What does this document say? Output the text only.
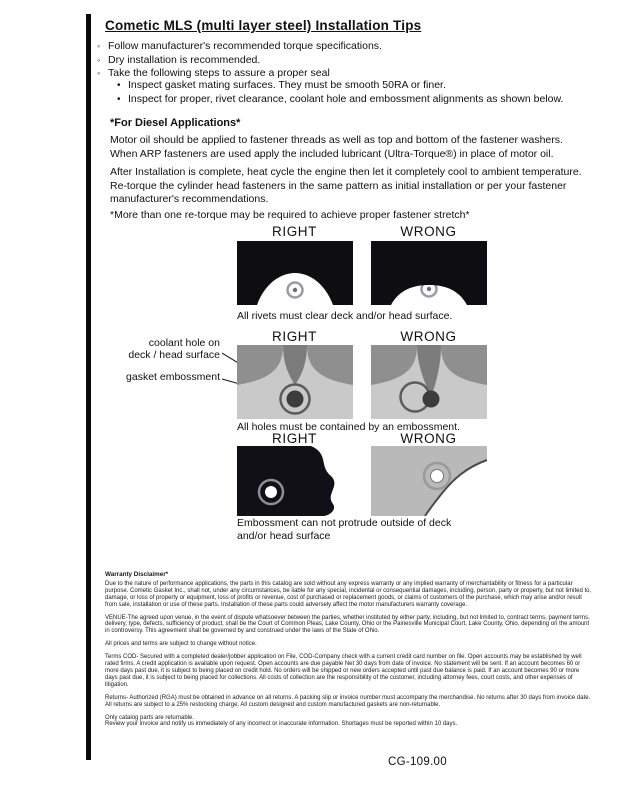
Cometic MLS (multi layer steel) Installation Tips
◦ Follow manufacturer's recommended torque specifications.
◦ Dry installation is recommended.
◦ Take the following steps to assure a proper seal
• Inspect gasket mating surfaces. They must be smooth 50RA or finer.
• Inspect for proper, rivet clearance, coolant hole and embossment alignments as shown below.
*For Diesel Applications*
Motor oil should be applied to fastener threads as well as top and bottom of the fastener washers. When ARP fasteners are used apply the included lubricant (Ultra-Torque®) in place of motor oil.
After Installation is complete, heat cycle the engine then let it completely cool to ambient temperature. Re-torque the cylinder head fasteners in the same pattern as initial installation or per your fastener manufacturer's recommendations.
*More than one re-torque may be required to achieve proper fastener stretch*
RIGHT	WRONG
All rivets must clear deck and/or head surface.
RIGHT	WRONG
coolant hole on
deck / head surface
gasket embossment
All holes must be contained by an embossment.
RIGHT	WRONG
Embossment can not protrude outside of deck
and/or head surface
Warranty Disclaimer*

Due to the nature of performance applications, the parts in this catalog are sold without any express warranty or any implied warranty of merchantability or fitness for a particular purpose. Cometic Gasket Inc., shall not, under any circumstances, be liable for any special, incidental or consequential damages, including, person, party or property, but not limited to, damage, or loss of property or equipment, loss of profits or revenue, cost of purchased or replacement goods, or claims of customers of the purchase, which may arise and/or result from sale, installation or use of these parts. Installation of these parts could adversely affect the motor manufacturers warranty coverage.

VENUE-The agreed upon venue, in the event of dispute whatsoever between the parties, whether instituted by either party, including, but not limited to, contract terms, payment terms, delivery, type, defects, sufficiency of product, shall be the Court of Common Pleas, Lake County, Ohio or the Painesville Municipal Court, Lake County, Ohio, depending on the amount in controversy. This agreement shall be governed by and construed under the laws of the State of Ohio.

All prices and terms are subject to change without notice.

Terms COD- Secured with a completed dealer/jobber application on File, COD-Company check with a current credit card number on file. Open accounts may be established by well rated firms. A credit application is available upon request. Open accounts are due payable Net 30 days from date of invoice. No statement will be sent. If an account becomes 60 or more days past due, it is subject to being placed on credit hold. No orders will be shipped or new orders accepted until past due balance is paid. If an account becomes 90 or more days past due, it is subject to being placed for collections. All costs of collection are the responsibility of the customer, including attorney fees, court costs, and other expenses of litigation.

Returns- Authorized (RGA) must be obtained in advance on all returns. A packing slip or invoice number must accompany the merchandise. No returns after 30 days from invoice date. All returns are subject to a 25% restocking charge. All custom designed and custom manufactured gaskets are non-returnable.

Only catalog parts are returnable.

Review your invoice and notify us immediately of any incorrect or inaccurate information. Shortages must be reported within 10 days.

CG-109.00
